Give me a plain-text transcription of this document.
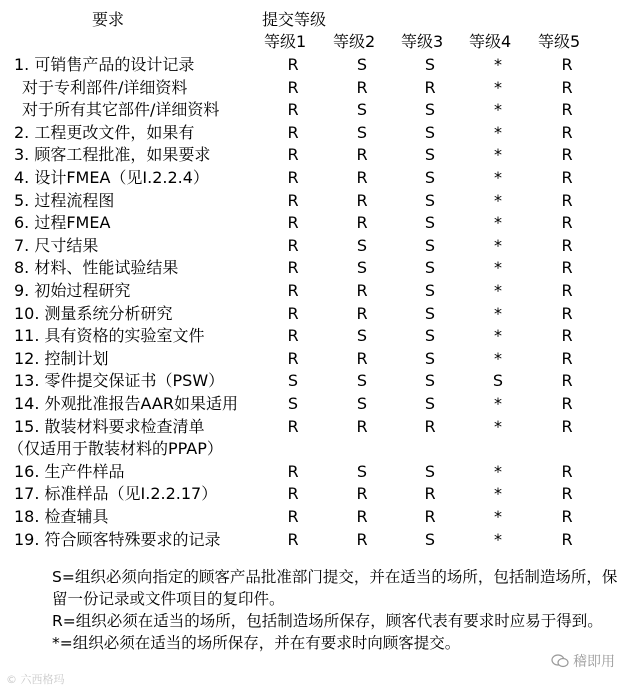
要求	提交等级
等级1 等级2 等级3 等级4 等级5
1. 可销售产品的设计记录	R	S	S	*	R
对于专利部件/详细资料	R	R	R	*	R
对于所有其它部件/详细资料	R	S	S	*	R
2. 工程更改文件，如果有	R	S	S	*	R
3. 顾客工程批准，如果要求	R	R	S	*	R
4. 设计FMEA（见Ⅰ.2.2.4）	R	R	S	*	R
5. 过程流程图	R	R	S	*	R
6. 过程FMEA	R	R	S	*	R
7. 尺寸结果	R	S	S	*	R
8. 材料、性能试验结果	R	S	S	*	R
9. 初始过程研究	R	R	S	*	R
10. 测量系统分析研究	R	R	S	*	R
11. 具有资格的实验室文件	R	S	S	*	R
12. 控制计划	R	R	S	*	R
13. 零件提交保证书（PSW）	S	S	S	S	R
14. 外观批准报告AAR如果适用	S	S	S	*	R
15. 散装材料要求检查清单	R	R	R	*	R
（仅适用于散装材料的PPAP）
16. 生产件样品	R	S	S	*	R
17. 标准样品（见Ⅰ.2.2.17）	R	R	R	*	R
18. 检查辅具	R	R	R	*	R
19. 符合顾客特殊要求的记录	R	R	S	*	R

S=组织必须向指定的顾客产品批准部门提交，并在适当的场所，包括制造场所，保留一份记录或文件项目的复印件。

R=组织必须在适当的场所，包括制造场所保存，顾客代表有要求时应易于得到。

*=组织必须在适当的场所保存，并在有要求时向顾客提交。

© 六西格玛
稽即用
